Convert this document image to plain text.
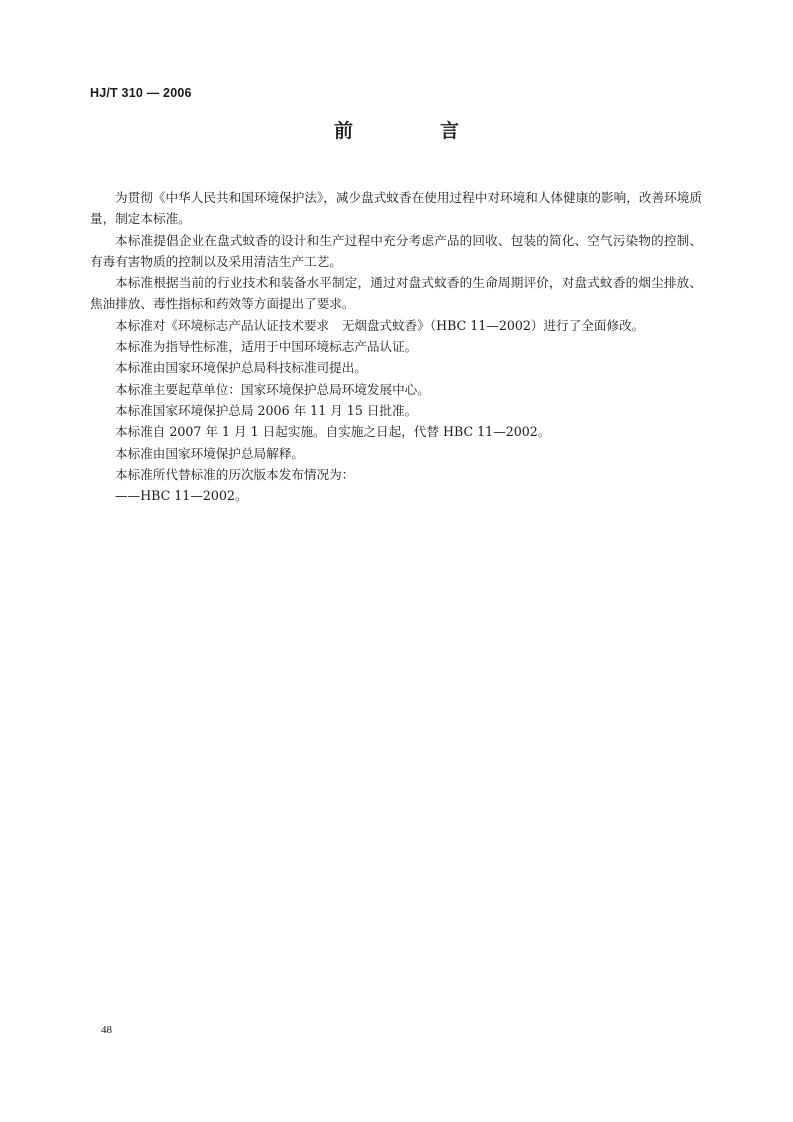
HJ/T 310 — 2006
前　言

为贯彻《中华人民共和国环境保护法》，减少盘式蚊香在使用过程中对环境和人体健康的影响，改善环境质量，制定本标准。

本标准提倡企业在盘式蚊香的设计和生产过程中充分考虑产品的回收、包装的简化、空气污染物的控制、有毒有害物质的控制以及采用清洁生产工艺。

本标准根据当前的行业技术和装备水平制定，通过对盘式蚊香的生命周期评价，对盘式蚊香的烟尘排放、焦油排放、毒性指标和药效等方面提出了要求。

本标准对《环境标志产品认证技术要求　无烟盘式蚊香》（HBC 11—2002）进行了全面修改。

本标准为指导性标准，适用于中国环境标志产品认证。

本标准由国家环境保护总局科技标准司提出。

本标准主要起草单位：国家环境保护总局环境发展中心。

本标准国家环境保护总局 2006 年 11 月 15 日批准。

本标准自 2007 年 1 月 1 日起实施。自实施之日起，代替 HBC 11—2002。

本标准由国家环境保护总局解释。

本标准所代替标准的历次版本发布情况为：

——HBC 11—2002。

48
